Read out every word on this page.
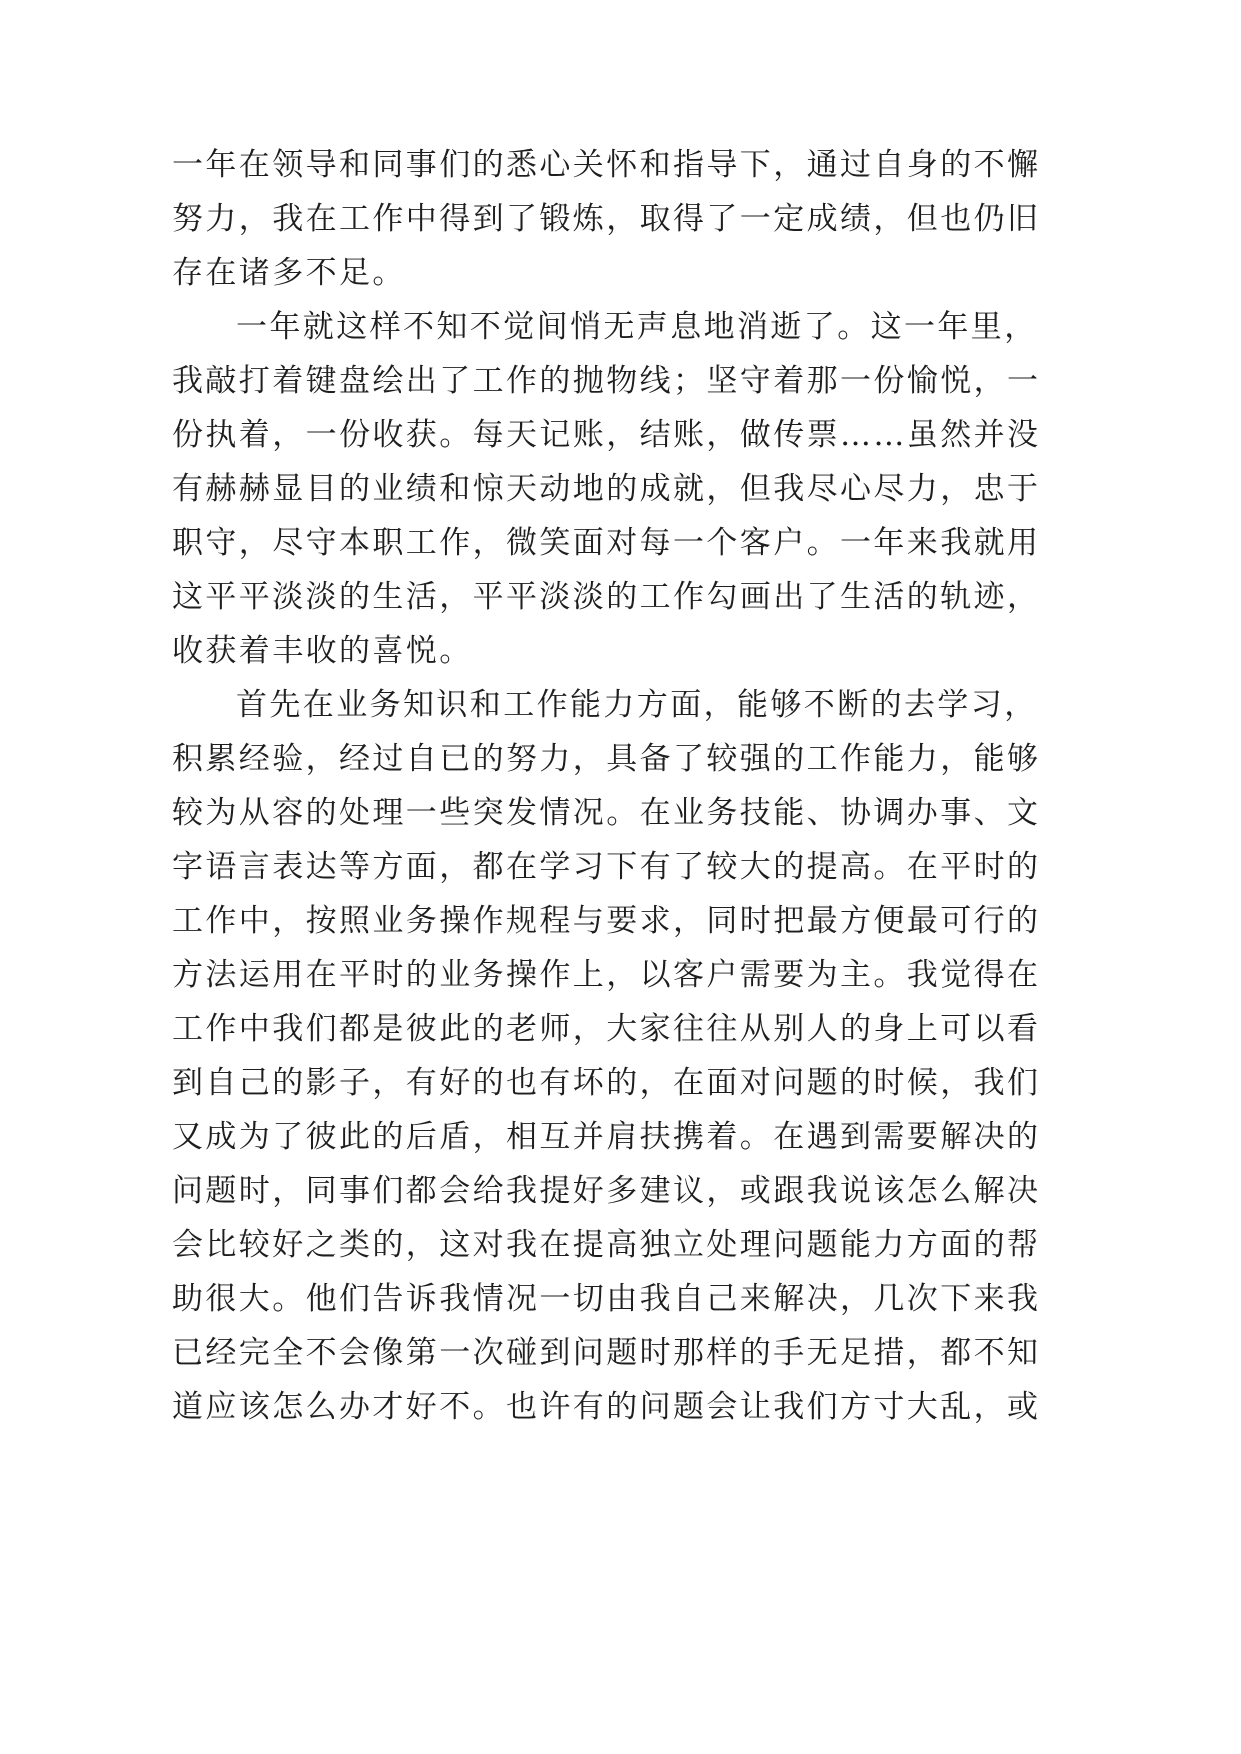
一年在领导和同事们的悉心关怀和指导下，通过自身的不懈
努力，我在工作中得到了锻炼，取得了一定成绩，但也仍旧
存在诸多不足。
一年就这样不知不觉间悄无声息地消逝了。这一年里，
我敲打着键盘绘出了工作的抛物线；坚守着那一份愉悦，一
份执着，一份收获。每天记账，结账，做传票……虽然并没
有赫赫显目的业绩和惊天动地的成就，但我尽心尽力，忠于
职守，尽守本职工作，微笑面对每一个客户。一年来我就用
这平平淡淡的生活，平平淡淡的工作勾画出了生活的轨迹，
收获着丰收的喜悦。
首先在业务知识和工作能力方面，能够不断的去学习，
积累经验，经过自已的努力，具备了较强的工作能力，能够
较为从容的处理一些突发情况。在业务技能、协调办事、文
字语言表达等方面，都在学习下有了较大的提高。在平时的
工作中，按照业务操作规程与要求，同时把最方便最可行的
方法运用在平时的业务操作上，以客户需要为主。我觉得在
工作中我们都是彼此的老师，大家往往从别人的身上可以看
到自己的影子，有好的也有坏的，在面对问题的时候，我们
又成为了彼此的后盾，相互并肩扶携着。在遇到需要解决的
问题时，同事们都会给我提好多建议，或跟我说该怎么解决
会比较好之类的，这对我在提高独立处理问题能力方面的帮
助很大。他们告诉我情况一切由我自己来解决，几次下来我
已经完全不会像第一次碰到问题时那样的手无足措，都不知
道应该怎么办才好不。也许有的问题会让我们方寸大乱，或
